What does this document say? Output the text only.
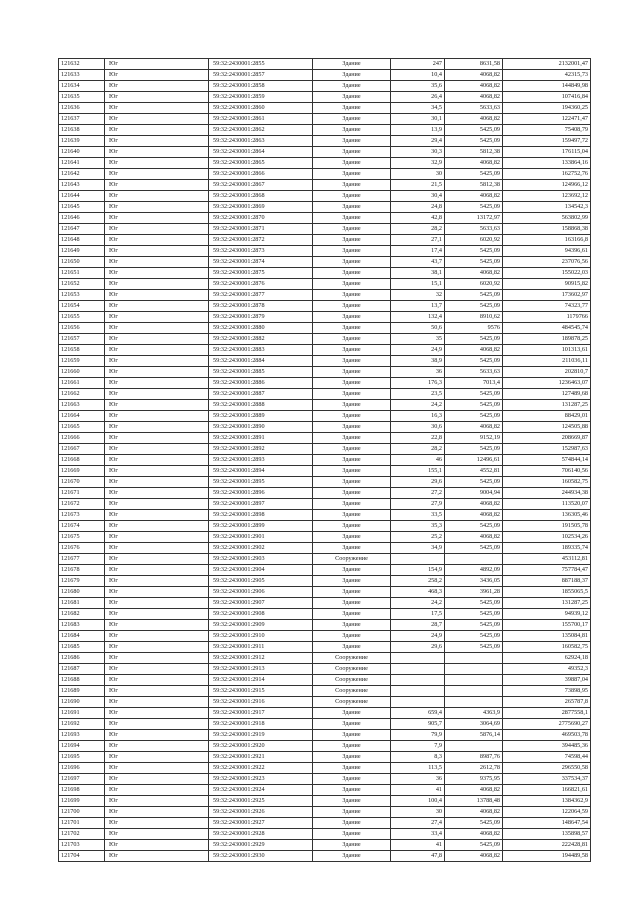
121632	Юг	59:32:2430001:2855	Здание	247	8631,58	2132001,47
121633	Юг	59:32:2430001:2857	Здание	10,4	4068,82	42315,73
121634	Юг	59:32:2430001:2858	Здание	35,6	4068,82	144849,98
121635	Юг	59:32:2430001:2859	Здание	26,4	4068,82	107416,84
121636	Юг	59:32:2430001:2860	Здание	34,5	5633,63	194360,25
121637	Юг	59:32:2430001:2861	Здание	30,1	4068,82	122471,47
121638	Юг	59:32:2430001:2862	Здание	13,9	5425,09	75408,79
121639	Юг	59:32:2430001:2863	Здание	29,4	5425,09	159497,72
121640	Юг	59:32:2430001:2864	Здание	30,3	5812,38	176115,04
121641	Юг	59:32:2430001:2865	Здание	32,9	4068,82	133864,16
121642	Юг	59:32:2430001:2866	Здание	30	5425,09	162752,76
121643	Юг	59:32:2430001:2867	Здание	21,5	5812,38	124966,12
121644	Юг	59:32:2430001:2868	Здание	30,4	4068,82	123692,12
121645	Юг	59:32:2430001:2869	Здание	24,8	5425,09	134542,3
121646	Юг	59:32:2430001:2870	Здание	42,8	13172,97	563802,99
121647	Юг	59:32:2430001:2871	Здание	28,2	5633,63	158868,38
121648	Юг	59:32:2430001:2872	Здание	27,1	6020,92	163166,8
121649	Юг	59:32:2430001:2873	Здание	17,4	5425,09	94396,61
121650	Юг	59:32:2430001:2874	Здание	43,7	5425,09	237076,56
121651	Юг	59:32:2430001:2875	Здание	38,1	4068,82	155022,03
121652	Юг	59:32:2430001:2876	Здание	15,1	6020,92	90915,82
121653	Юг	59:32:2430001:2877	Здание	32	5425,09	173602,97
121654	Юг	59:32:2430001:2878	Здание	13,7	5425,09	74323,77
121655	Юг	59:32:2430001:2879	Здание	132,4	8910,62	1179766
121656	Юг	59:32:2430001:2880	Здание	50,6	9576	484545,74
121657	Юг	59:32:2430001:2882	Здание	35	5425,09	189878,25
121658	Юг	59:32:2430001:2883	Здание	24,9	4068,82	101313,61
121659	Юг	59:32:2430001:2884	Здание	38,9	5425,09	211036,11
121660	Юг	59:32:2430001:2885	Здание	36	5633,63	202810,7
121661	Юг	59:32:2430001:2886	Здание	176,3	7013,4	1236463,07
121662	Юг	59:32:2430001:2887	Здание	23,5	5425,09	127489,68
121663	Юг	59:32:2430001:2888	Здание	24,2	5425,09	131287,25
121664	Юг	59:32:2430001:2889	Здание	16,3	5425,09	88429,01
121665	Юг	59:32:2430001:2890	Здание	30,6	4068,82	124505,88
121666	Юг	59:32:2430001:2891	Здание	22,8	9152,19	208669,87
121667	Юг	59:32:2430001:2892	Здание	28,2	5425,09	152987,63
121668	Юг	59:32:2430001:2893	Здание	46	12496,61	574844,14
121669	Юг	59:32:2430001:2894	Здание	155,1	4552,81	706140,56
121670	Юг	59:32:2430001:2895	Здание	29,6	5425,09	160582,75
121671	Юг	59:32:2430001:2896	Здание	27,2	9004,94	244934,38
121672	Юг	59:32:2430001:2897	Здание	27,9	4068,82	113520,07
121673	Юг	59:32:2430001:2898	Здание	33,5	4068,82	136305,46
121674	Юг	59:32:2430001:2899	Здание	35,3	5425,09	191505,78
121675	Юг	59:32:2430001:2901	Здание	25,2	4068,82	102534,26
121676	Юг	59:32:2430001:2902	Здание	34,9	5425,09	189335,74
121677	Юг	59:32:2430001:2903	Сооружение			453112,81
121678	Юг	59:32:2430001:2904	Здание	154,9	4892,09	757784,47
121679	Юг	59:32:2430001:2905	Здание	258,2	3436,05	887188,37
121680	Юг	59:32:2430001:2906	Здание	468,3	3961,28	1855065,5
121681	Юг	59:32:2430001:2907	Здание	24,2	5425,09	131287,25
121682	Юг	59:32:2430001:2908	Здание	17,5	5425,09	94939,12
121683	Юг	59:32:2430001:2909	Здание	28,7	5425,09	155700,17
121684	Юг	59:32:2430001:2910	Здание	24,9	5425,09	135084,81
121685	Юг	59:32:2430001:2911	Здание	29,6	5425,09	160582,75
121686	Юг	59:32:2430001:2912	Сооружение			62924,18
121687	Юг	59:32:2430001:2913	Сооружение			49352,3
121688	Юг	59:32:2430001:2914	Сооружение			39887,04
121689	Юг	59:32:2430001:2915	Сооружение			73898,95
121690	Юг	59:32:2430001:2916	Сооружение			265787,8
121691	Юг	59:32:2430001:2917	Здание	659,4	4363,9	2877558,1
121692	Юг	59:32:2430001:2918	Здание	905,7	3064,69	2775690,27
121693	Юг	59:32:2430001:2919	Здание	79,9	5876,14	469503,78
121694	Юг	59:32:2430001:2920	Здание	7,9		394485,36
121695	Юг	59:32:2430001:2921	Здание	8,3	8987,76	74598,44
121696	Юг	59:32:2430001:2922	Здание	113,5	2612,78	296550,58
121697	Юг	59:32:2430001:2923	Здание	36	9375,95	337534,37
121698	Юг	59:32:2430001:2924	Здание	41	4068,82	166821,61
121699	Юг	59:32:2430001:2925	Здание	100,4	13788,48	1384362,9
121700	Юг	59:32:2430001:2926	Здание	30	4068,82	122064,59
121701	Юг	59:32:2430001:2927	Здание	27,4	5425,09	148647,54
121702	Юг	59:32:2430001:2928	Здание	33,4	4068,82	135898,57
121703	Юг	59:32:2430001:2929	Здание	41	5425,09	222428,81
121704	Юг	59:32:2430001:2930	Здание	47,8	4068,82	194489,58
